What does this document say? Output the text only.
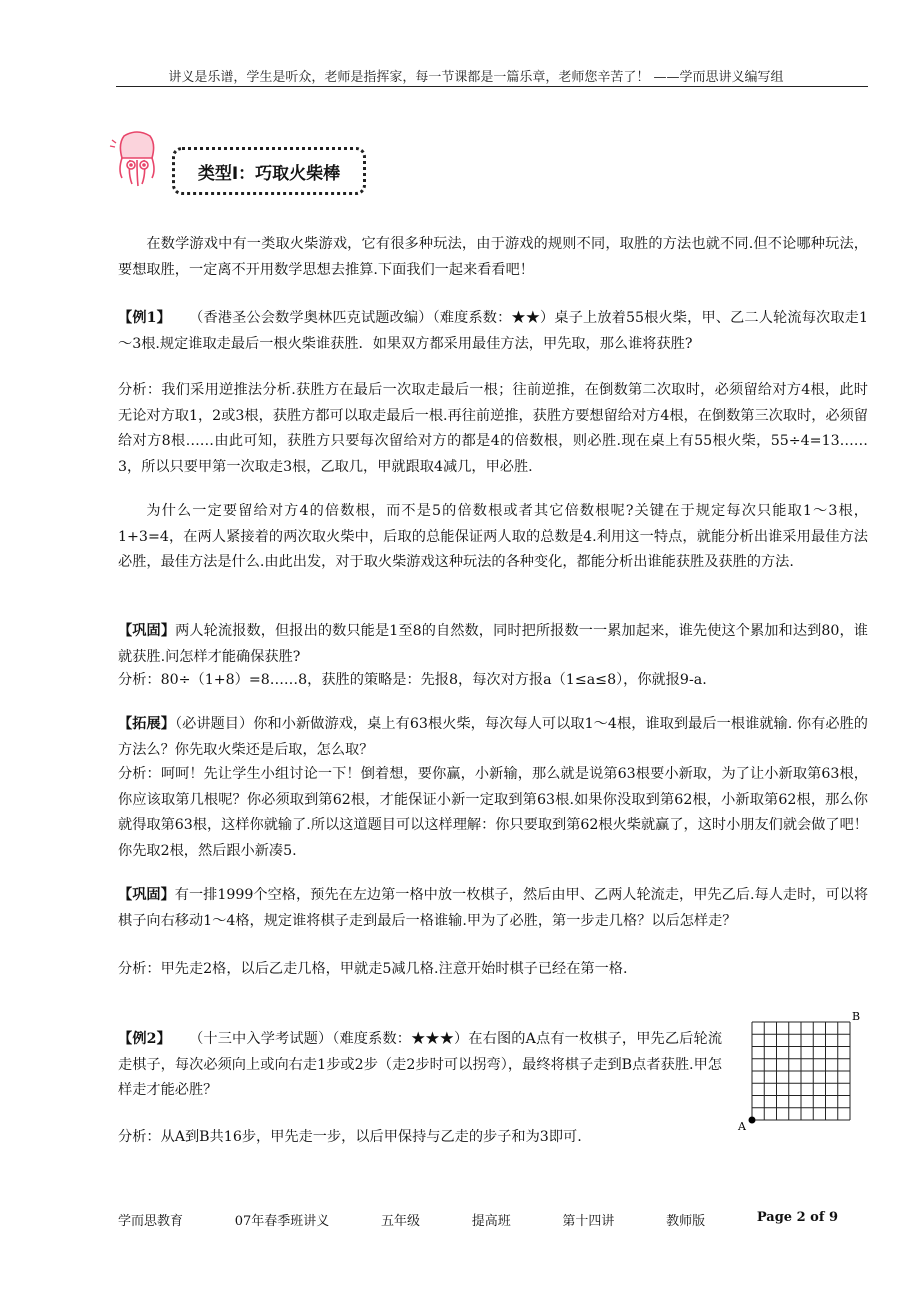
讲义是乐谱，学生是听众，老师是指挥家，每一节课都是一篇乐章，老师您辛苦了！ ——学而思讲义编写组
类型Ⅰ：巧取火柴棒

在数学游戏中有一类取火柴游戏，它有很多种玩法，由于游戏的规则不同，取胜的方法也就不同.但不论哪种玩法，要想取胜，一定离不开用数学思想去推算.下面我们一起来看看吧！

【例1】 （香港圣公会数学奥林匹克试题改编）（难度系数：★★）桌子上放着55根火柴，甲、乙二人轮流每次取走1～3根.规定谁取走最后一根火柴谁获胜．如果双方都采用最佳方法，甲先取，那么谁将获胜?

分析：我们采用逆推法分析.获胜方在最后一次取走最后一根；往前逆推，在倒数第二次取时，必须留给对方4根，此时无论对方取1，2或3根，获胜方都可以取走最后一根.再往前逆推，获胜方要想留给对方4根，在倒数第三次取时，必须留给对方8根……由此可知，获胜方只要每次留给对方的都是4的倍数根，则必胜.现在桌上有55根火柴，55÷4=13……3，所以只要甲第一次取走3根，乙取几，甲就跟取4减几，甲必胜.

为什么一定要留给对方4的倍数根，而不是5的倍数根或者其它倍数根呢?关键在于规定每次只能取1～3根，1+3=4，在两人紧接着的两次取火柴中，后取的总能保证两人取的总数是4.利用这一特点，就能分析出谁采用最佳方法必胜，最佳方法是什么.由此出发，对于取火柴游戏这种玩法的各种变化，都能分析出谁能获胜及获胜的方法.

【巩固】两人轮流报数，但报出的数只能是1至8的自然数，同时把所报数一一累加起来，谁先使这个累加和达到80，谁就获胜.问怎样才能确保获胜?

分析：80÷（1+8）=8……8，获胜的策略是：先报8，每次对方报a（1≤a≤8），你就报9-a.

【拓展】（必讲题目）你和小新做游戏，桌上有63根火柴，每次每人可以取1～4根，谁取到最后一根谁就输. 你有必胜的方法么？你先取火柴还是后取，怎么取？

分析：呵呵！先让学生小组讨论一下！倒着想，要你赢，小新输，那么就是说第63根要小新取，为了让小新取第63根，你应该取第几根呢？你必须取到第62根，才能保证小新一定取到第63根.如果你没取到第62根，小新取第62根，那么你就得取第63根，这样你就输了.所以这道题目可以这样理解：你只要取到第62根火柴就赢了，这时小朋友们就会做了吧！你先取2根，然后跟小新凑5.

【巩固】有一排1999个空格，预先在左边第一格中放一枚棋子，然后由甲、乙两人轮流走，甲先乙后.每人走时，可以将棋子向右移动1～4格，规定谁将棋子走到最后一格谁输.甲为了必胜，第一步走几格？以后怎样走？

分析：甲先走2格，以后乙走几格，甲就走5减几格.注意开始时棋子已经在第一格.

【例2】 （十三中入学考试题）（难度系数：★★★）在右图的A点有一枚棋子，甲先乙后轮流走棋子，每次必须向上或向右走1步或2步（走2步时可以拐弯），最终将棋子走到B点者获胜.甲怎样走才能必胜？

分析：从A到B共16步，甲先走一步，以后甲保持与乙走的步子和为3即可.

A
B
学而思教育	07年春季班讲义	五年级	提高班	第十四讲	教师版	Page 2 of 9
